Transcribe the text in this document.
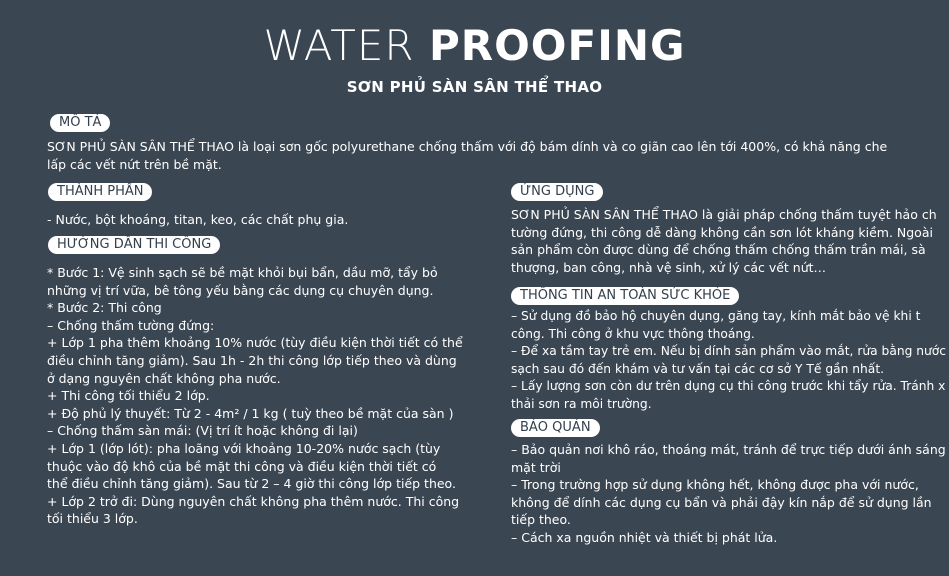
WATER PROOFING
SƠN PHỦ SÀN SÂN THỂ THAO
MÔ TẢ
SƠN PHỦ SÀN SÂN THỂ THAO là loại sơn gốc polyurethane chống thấm với độ bám dính và co giãn cao lên tới 400%, có khả năng che
lấp các vết nứt trên bề mặt.
THÀNH PHẦN
- Nước, bột khoáng, titan, keo, các chất phụ gia.
HƯỚNG DẪN THI CÔNG
* Bước 1: Vệ sinh sạch sẽ bề mặt khỏi bụi bẩn, dầu mỡ, tẩy bỏ
những vị trí vữa, bê tông yếu bằng các dụng cụ chuyên dụng.
* Bước 2: Thi công
– Chống thấm tường đứng:
+ Lớp 1 pha thêm khoảng 10% nước (tùy điều kiện thời tiết có thể
điều chỉnh tăng giảm). Sau 1h - 2h thi công lớp tiếp theo và dùng
ở dạng nguyên chất không pha nước.
+ Thi công tối thiểu 2 lớp.
+ Độ phủ lý thuyết: Từ 2 - 4m² / 1 kg ( tuỳ theo bề mặt của sàn )
– Chống thấm sàn mái: (Vị trí ít hoặc không đi lại)
+ Lớp 1 (lớp lót): pha loãng với khoảng 10-20% nước sạch (tùy
thuộc vào độ khô của bề mặt thi công và điều kiện thời tiết có
thể điều chỉnh tăng giảm). Sau từ 2 – 4 giờ thi công lớp tiếp theo.
+ Lớp 2 trở đi: Dùng nguyên chất không pha thêm nước. Thi công
tối thiểu 3 lớp.
ỨNG DỤNG
SƠN PHỦ SÀN SÂN THỂ THAO là giải pháp chống thấm tuyệt hảo ch
tường đứng, thi công dễ dàng không cần sơn lót kháng kiềm. Ngoài
sản phẩm còn được dùng để chống thấm chống thấm trần mái, sà
thượng, ban công, nhà vệ sinh, xử lý các vết nứt…
THÔNG TIN AN TOÀN SỨC KHỎE
– Sử dụng đồ bảo hộ chuyên dụng, găng tay, kính mắt bảo vệ khi t
công. Thi công ở khu vực thông thoáng.
– Để xa tầm tay trẻ em. Nếu bị dính sản phẩm vào mắt, rửa bằng nước
sạch sau đó đến khám và tư vấn tại các cơ sở Y Tế gần nhất.
– Lấy lượng sơn còn dư trên dụng cụ thi công trước khi tẩy rửa. Tránh x
thải sơn ra môi trường.
BẢO QUẢN
– Bảo quản nơi khô ráo, thoáng mát, tránh để trực tiếp dưới ánh sáng
mặt trời
– Trong trường hợp sử dụng không hết, không được pha với nước,
không để dính các dụng cụ bẩn và phải đậy kín nắp để sử dụng lần
tiếp theo.
– Cách xa nguồn nhiệt và thiết bị phát lửa.
